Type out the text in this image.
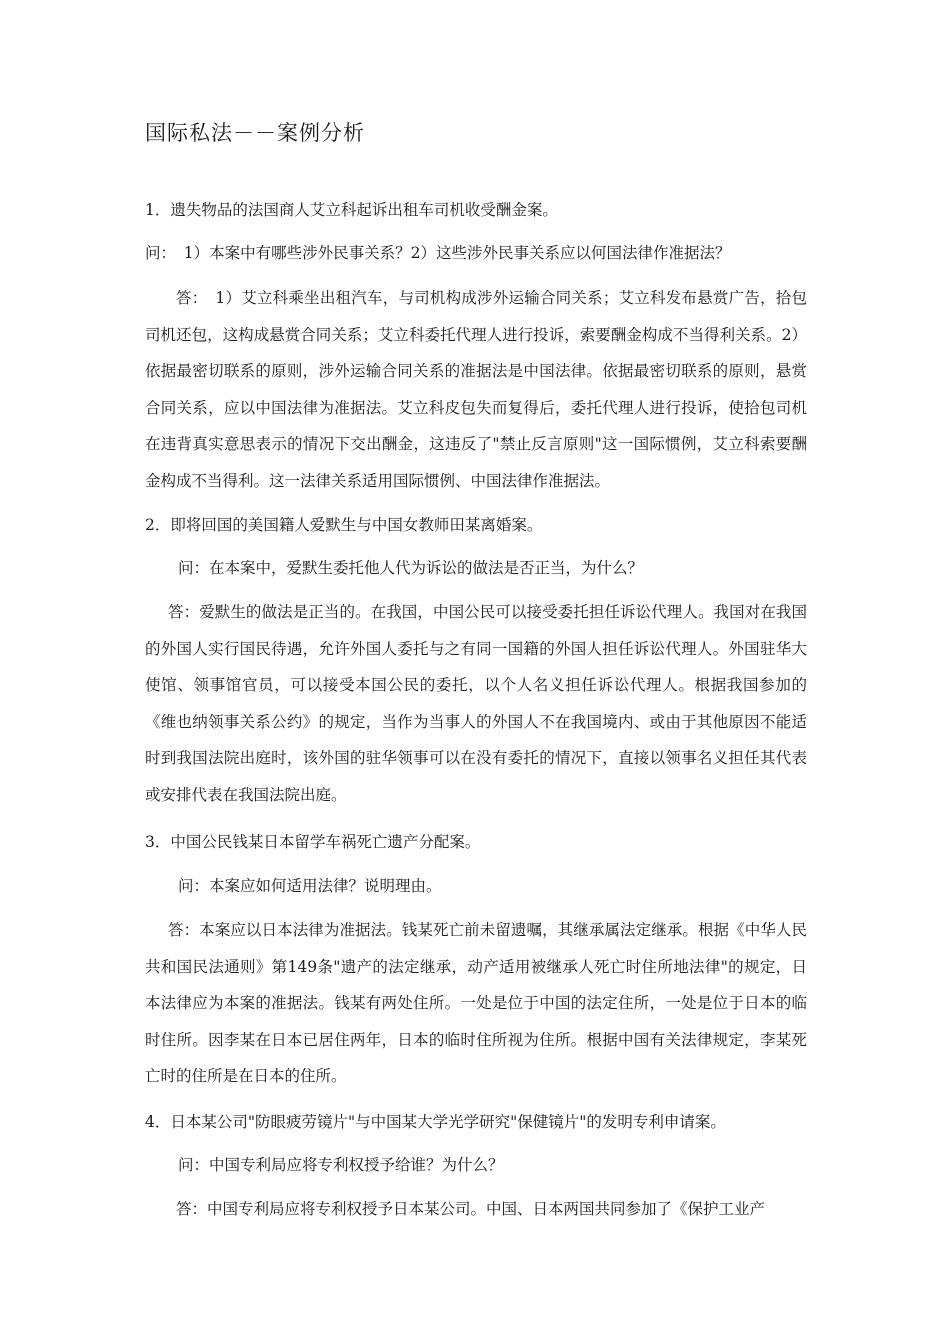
国际私法－－案例分析
1．遗失物品的法国商人艾立科起诉出租车司机收受酬金案。
问：　1）本案中有哪些涉外民事关系？2）这些涉外民事关系应以何国法律作准据法？
答：　1）艾立科乘坐出租汽车，与司机构成涉外运输合同关系；艾立科发布悬赏广告，拾包司机还包，这构成悬赏合同关系；艾立科委托代理人进行投诉，索要酬金构成不当得利关系。2）依据最密切联系的原则，涉外运输合同关系的准据法是中国法律。依据最密切联系的原则，悬赏合同关系，应以中国法律为准据法。艾立科皮包失而复得后，委托代理人进行投诉，使拾包司机在违背真实意思表示的情况下交出酬金，这违反了"禁止反言原则"这一国际惯例，艾立科索要酬金构成不当得利。这一法律关系适用国际惯例、中国法律作准据法。
2．即将回国的美国籍人爱默生与中国女教师田某离婚案。
问：在本案中，爱默生委托他人代为诉讼的做法是否正当，为什么？
答：爱默生的做法是正当的。在我国，中国公民可以接受委托担任诉讼代理人。我国对在我国的外国人实行国民待遇，允许外国人委托与之有同一国籍的外国人担任诉讼代理人。外国驻华大使馆、领事馆官员，可以接受本国公民的委托，以个人名义担任诉讼代理人。根据我国参加的《维也纳领事关系公约》的规定，当作为当事人的外国人不在我国境内、或由于其他原因不能适时到我国法院出庭时，该外国的驻华领事可以在没有委托的情况下，直接以领事名义担任其代表或安排代表在我国法院出庭。
3．中国公民钱某日本留学车祸死亡遗产分配案。
问：本案应如何适用法律？说明理由。
答：本案应以日本法律为准据法。钱某死亡前未留遗嘱，其继承属法定继承。根据《中华人民共和国民法通则》第149条"遗产的法定继承，动产适用被继承人死亡时住所地法律"的规定，日本法律应为本案的准据法。钱某有两处住所。一处是位于中国的法定住所，一处是位于日本的临时住所。因李某在日本已居住两年，日本的临时住所视为住所。根据中国有关法律规定，李某死亡时的住所是在日本的住所。
4．日本某公司"防眼疲劳镜片"与中国某大学光学研究"保健镜片"的发明专利申请案。
问：中国专利局应将专利权授予给谁？为什么？
答：中国专利局应将专利权授予日本某公司。中国、日本两国共同参加了《保护工业产
